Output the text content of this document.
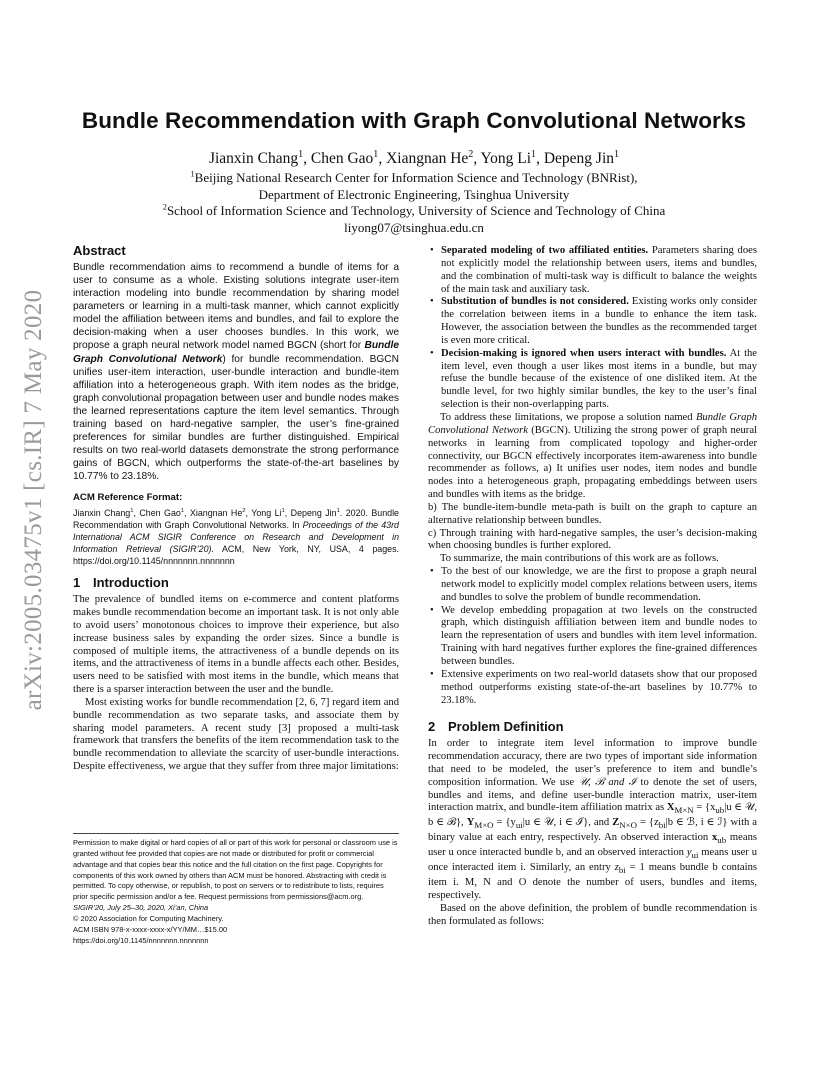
arXiv:2005.03475v1 [cs.IR] 7 May 2020
Bundle Recommendation with Graph Convolutional Networks
Jianxin Chang$^1$, Chen Gao$^1$, Xiangnan He$^2$, Yong Li$^1$, Depeng Jin$^1$
$^1$Beijing National Research Center for Information Science and Technology (BNRist),
Department of Electronic Engineering, Tsinghua University
$^2$School of Information Science and Technology, University of Science and Technology of China
liyong07@tsinghua.edu.cn
Abstract

Bundle recommendation aims to recommend a bundle of items for a user to consume as a whole. Existing solutions integrate user-item interaction modeling into bundle recommendation by sharing model parameters or learning in a multi-task manner, which cannot explicitly model the affiliation between items and bundles, and fail to explore the decision-making when a user chooses bundles. In this work, we propose a graph neural network model named BGCN (short for Bundle Graph Convolutional Network) for bundle recommendation. BGCN unifies user-item interaction, user-bundle interaction and bundle-item affiliation into a heterogeneous graph. With item nodes as the bridge, graph convolutional propagation between user and bundle nodes makes the learned representations capture the item level semantics. Through training based on hard-negative sampler, the user’s fine-grained preferences for similar bundles are further distinguished. Empirical results on two real-world datasets demonstrate the strong performance gains of BGCN, which outperforms the state-of-the-art baselines by 10.77% to 23.18%.

ACM Reference Format:

Jianxin Chang$^1$, Chen Gao$^1$, Xiangnan He$^2$, Yong Li$^1$, Depeng Jin$^1$. 2020. Bundle Recommendation with Graph Convolutional Networks. In Proceedings of the 43rd International ACM SIGIR Conference on Research and Development in Information Retrieval (SIGIR’20). ACM, New York, NY, USA, 4 pages. https://doi.org/10.1145/nnnnnnn.nnnnnnn

1 Introduction

The prevalence of bundled items on e-commerce and content platforms makes bundle recommendation become an important task. It is not only able to avoid users’ monotonous choices to improve their experience, but also increase business sales by expanding the order sizes. Since a bundle is composed of multiple items, the attractiveness of a bundle depends on its items, and the attractiveness of items in a bundle affects each other. Besides, users need to be satisfied with most items in the bundle, which means that there is a sparser interaction between the user and the bundle.

Most existing works for bundle recommendation [2, 6, 7] regard item and bundle recommendation as two separate tasks, and associate them by sharing model parameters. A recent study [3] proposed a multi-task framework that transfers the benefits of the item recommendation task to the bundle recommendation to alleviate the scarcity of user-bundle interactions. Despite effectiveness, we argue that they suffer from three major limitations:

Permission to make digital or hard copies of all or part of this work for personal or classroom use is granted without fee provided that copies are not made or distributed for profit or commercial advantage and that copies bear this notice and the full citation on the first page. Copyrights for components of this work owned by others than ACM must be honored. Abstracting with credit is permitted. To copy otherwise, or republish, to post on servers or to redistribute to lists, requires prior specific permission and/or a fee. Request permissions from permissions@acm.org.
SIGIR’20, July 25–30, 2020, Xi’an, China
© 2020 Association for Computing Machinery.
ACM ISBN 978-x-xxxx-xxxx-x/YY/MM…$15.00
https://doi.org/10.1145/nnnnnnn.nnnnnnn
• Separated modeling of two affiliated entities. Parameters sharing does not explicitly model the relationship between users, items and bundles, and the combination of multi-task way is difficult to balance the weights of the main task and auxiliary task.
• Substitution of bundles is not considered. Existing works only consider the correlation between items in a bundle to enhance the item task. However, the association between the bundles as the recommended target is even more critical.
• Decision-making is ignored when users interact with bundles. At the item level, even though a user likes most items in a bundle, but may refuse the bundle because of the existence of one disliked item. At the bundle level, for two highly similar bundles, the key to the user’s final selection is their non-overlapping parts.

To address these limitations, we propose a solution named Bundle Graph Convolutional Network (BGCN). Utilizing the strong power of graph neural networks in learning from complicated topology and higher-order connectivity, our BGCN effectively incorporates item-awareness into bundle recommender as follows, a) It unifies user nodes, item nodes and bundle nodes into a heterogeneous graph, propagating embeddings between users and bundles with items as the bridge.

b) The bundle-item-bundle meta-path is built on the graph to capture an alternative relationship between bundles.

c) Through training with hard-negative samples, the user’s decision-making when choosing bundles is further explored.

To summarize, the main contributions of this work are as follows.

• To the best of our knowledge, we are the first to propose a graph neural network model to explicitly model complex relations between users, items and bundles to solve the problem of bundle recommendation.
• We develop embedding propagation at two levels on the constructed graph, which distinguish affiliation between item and bundle nodes to learn the representation of users and bundles with item level information. Training with hard negatives further explores the fine-grained differences between bundles.
• Extensive experiments on two real-world datasets show that our proposed method outperforms existing state-of-the-art baselines by 10.77% to 23.18%.
2 Problem Definition

In order to integrate item level information to improve bundle recommendation accuracy, there are two types of important side information that need to be modeled, the user’s preference to item and bundle’s composition information. We use 𝒰, ℬ and ℐ to denote the set of users, bundles and items, and define user-bundle interaction matrix, user-item interaction matrix, and bundle-item affiliation matrix as $X_{M\times N} = \{x_{ub}|u$ ∈ 𝒰, b ∈ ℬ}, $Y_{M\times O} = \{y_{ui}|u$ ∈ 𝒰, i ∈ ℐ}, and $Z_{N\times O} = \{z_{bi}|b$ ∈ ℬ, i ∈ ℐ} with a binary value at each entry, respectively. An observed interaction $x_{ub}$ means user u once interacted bundle b, and an observed interaction $y_{ui}$ means user u once interacted item i. Similarly, an entry $z_{bi} = 1$ means bundle b contains item i. M, N and O denote the number of users, bundles and items, respectively.

Based on the above definition, the problem of bundle recommendation is then formulated as follows:
